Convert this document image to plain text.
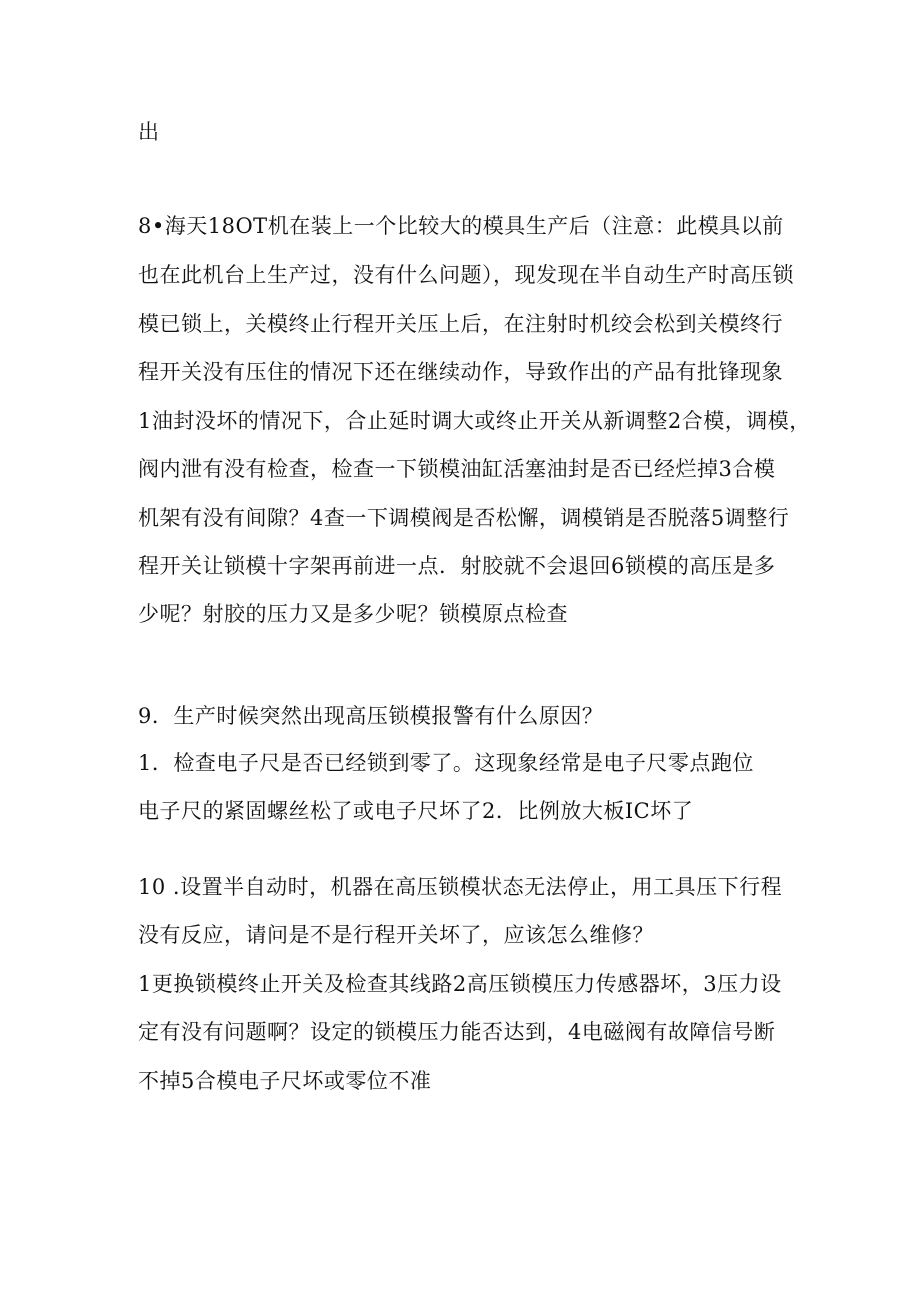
出
8•海天18OT机在装上一个比较大的模具生产后（注意：此模具以前
也在此机台上生产过，没有什么问题），现发现在半自动生产时高压锁
模已锁上，关模终止行程开关压上后，在注射时机绞会松到关模终行
程开关没有压住的情况下还在继续动作，导致作出的产品有批锋现象
1油封没坏的情况下，合止延时调大或终止开关从新调整2合模，调模，
阀内泄有没有检查，检查一下锁模油缸活塞油封是否已经烂掉3合模
机架有没有间隙？4查一下调模阀是否松懈，调模销是否脱落5调整行
程开关让锁模十字架再前进一点．射胶就不会退回6锁模的高压是多
少呢？射胶的压力又是多少呢？锁模原点检查
9．生产时候突然出现高压锁模报警有什么原因？
1．检查电子尺是否已经锁到零了。这现象经常是电子尺零点跑位
电子尺的紧固螺丝松了或电子尺坏了2．比例放大板IC坏了
10 .设置半自动时，机器在高压锁模状态无法停止，用工具压下行程
没有反应，请问是不是行程开关坏了，应该怎么维修？
1更换锁模终止开关及检查其线路2高压锁模压力传感器坏，3压力设
定有没有问题啊？设定的锁模压力能否达到，4电磁阀有故障信号断
不掉5合模电子尺坏或零位不准
